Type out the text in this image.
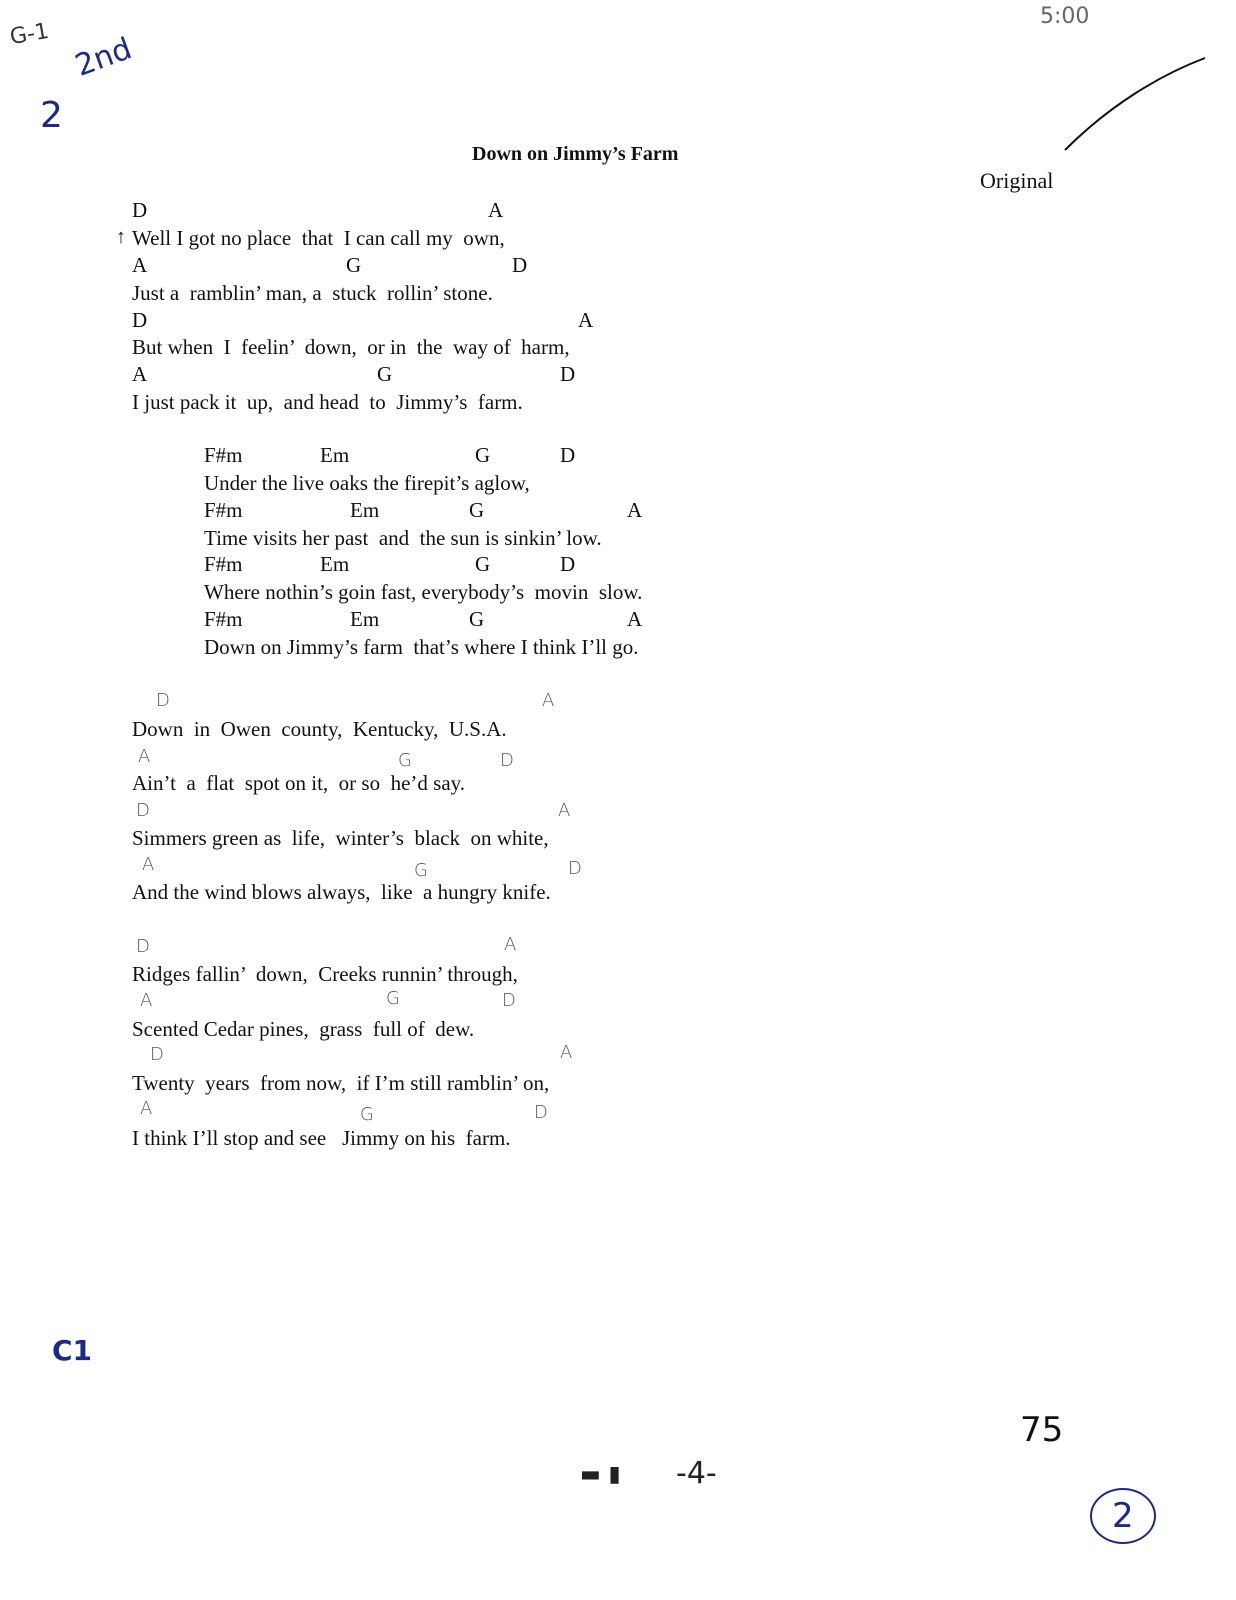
Down on Jimmy’s Farm
Original
5:00
G-1 2nd
2
D	A
↑ Well I got no place  that  I can call my  own,
A	G	D
Just a  ramblin’ man, a  stuck  rollin’ stone.
D	A
But when  I  feelin’  down,  or in  the  way of  harm,
A	G	D
I just pack it  up,  and head  to  Jimmy’s  farm.
F#m	Em	G	D
Under the live oaks the firepit’s aglow,
F#m	Em	G	A
Time visits her past  and  the sun is sinkin’ low.
F#m	Em	G	D
Where nothin’s goin fast, everybody’s  movin  slow.
F#m	Em	G	A
Down on Jimmy’s farm  that’s where I think I’ll go.
D	A
Down  in  Owen  county,  Kentucky,  U.S.A.
A	G	D
Ain’t  a  flat  spot on it,  or so  he’d say.
D	A
Simmers green as  life,  winter’s  black  on white,
A	G	D
And the wind blows always,  like  a hungry knife.
D	A
Ridges fallin’  down,  Creeks runnin’ through,
A	G	D
Scented Cedar pines,  grass  full of  dew.
D	A
Twenty  years  from now,  if I’m still ramblin’ on,
A	G	D
I think I’ll stop and see   Jimmy on his  farm.
C1
75
2
▬ ▮ -4-
